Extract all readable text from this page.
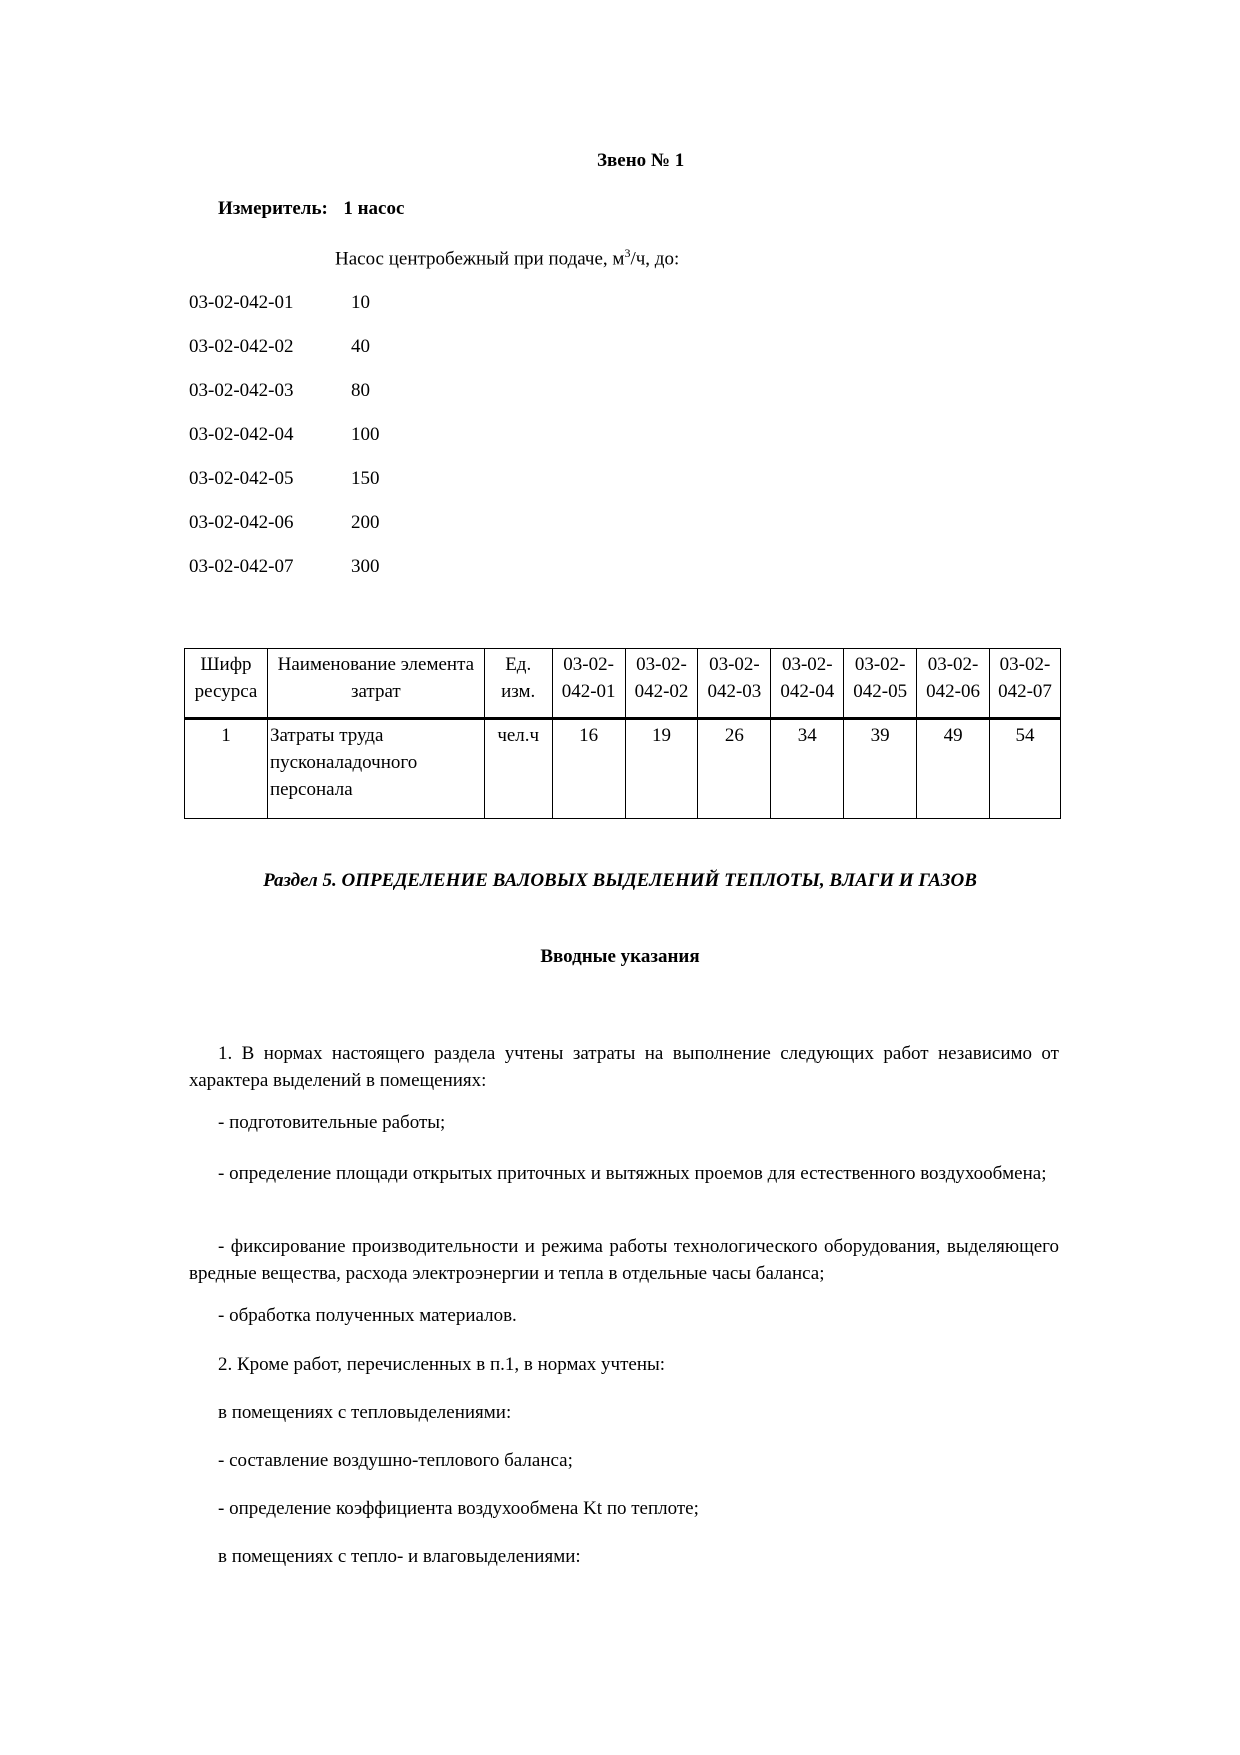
Звено № 1
Измеритель: 1 насос
Насос центробежный при подаче, $м^3/ч$, до:
03-02-042-01	10
03-02-042-02	40
03-02-042-03	80
03-02-042-04	100
03-02-042-05	150
03-02-042-06	200
03-02-042-07	300
Шифр ресурса	Наименование элемента затрат	Ед. изм.	03-02-042-01	03-02-042-02	03-02-042-03	03-02-042-04	03-02-042-05	03-02-042-06	03-02-042-07
1	Затраты труда пусконаладочного персонала	чел.ч	16	19	26	34	39	49	54
Раздел 5. ОПРЕДЕЛЕНИЕ ВАЛОВЫХ ВЫДЕЛЕНИЙ ТЕПЛОТЫ, ВЛАГИ И ГАЗОВ
Вводные указания
1. В нормах настоящего раздела учтены затраты на выполнение следующих работ независимо от характера выделений в помещениях:
- подготовительные работы;
- определение площади открытых приточных и вытяжных проемов для естественного воздухообмена;
- фиксирование производительности и режима работы технологического оборудования, выделяющего вредные вещества, расхода электроэнергии и тепла в отдельные часы баланса;
- обработка полученных материалов.
2. Кроме работ, перечисленных в п.1, в нормах учтены:
в помещениях с тепловыделениями:
- составление воздушно-теплового баланса;
- определение коэффициента воздухообмена Kt по теплоте;
в помещениях с тепло- и влаговыделениями:
